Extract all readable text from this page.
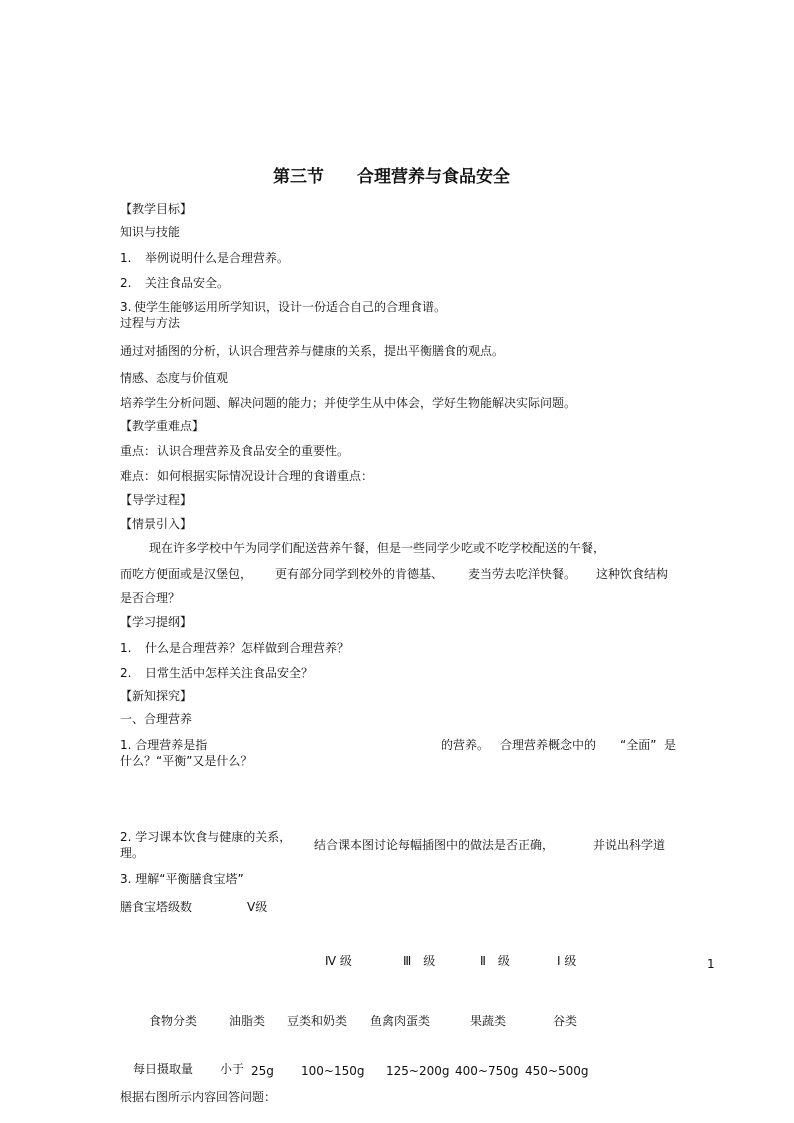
第三节 合理营养与食品安全
【教学目标】
知识与技能
1. 举例说明什么是合理营养。
2. 关注食品安全。
3. 使学生能够运用所学知识，设计一份适合自己的合理食谱。
过程与方法
通过对插图的分析，认识合理营养与健康的关系，提出平衡膳食的观点。
情感、态度与价值观
培养学生分析问题、解决问题的能力；并使学生从中体会，学好生物能解决实际问题。
【教学重难点】
重点： 认识合理营养及食品安全的重要性。
难点： 如何根据实际情况设计合理的食谱重点：
【导学过程】
【情景引入】
现在许多学校中午为同学们配送营养午餐，但是一些同学少吃或不吃学校配送的午餐，
而吃方便面或是汉堡包， 更有部分同学到校外的肯德基、 麦当劳去吃洋快餐。 这种饮食结构
是否合理？
【学习提纲】
1. 什么是合理营养？怎样做到合理营养？
2. 日常生活中怎样关注食品安全？
【新知探究】
一、合理营养
1. 合理营养是指	的营养。 合理营养概念中的 “全面” 是
什么？“平衡”又是什么？
2. 学习课本饮食与健康的关系，
结合课本图讨论每幅插图中的做法是否正确，	并说出科学道
理。
3. 理解“平衡膳食宝塔”
膳食宝塔级数	Ⅴ级
Ⅳ 级	Ⅲ　级	Ⅱ　级	Ⅰ 级	1
食物分类	油脂类 豆类和奶类 鱼禽肉蛋类	果蔬类	谷类
每日摄取量 小于 25g 100~150g 125~200g 400~750g 450~500g
根据右图所示内容回答问题：
